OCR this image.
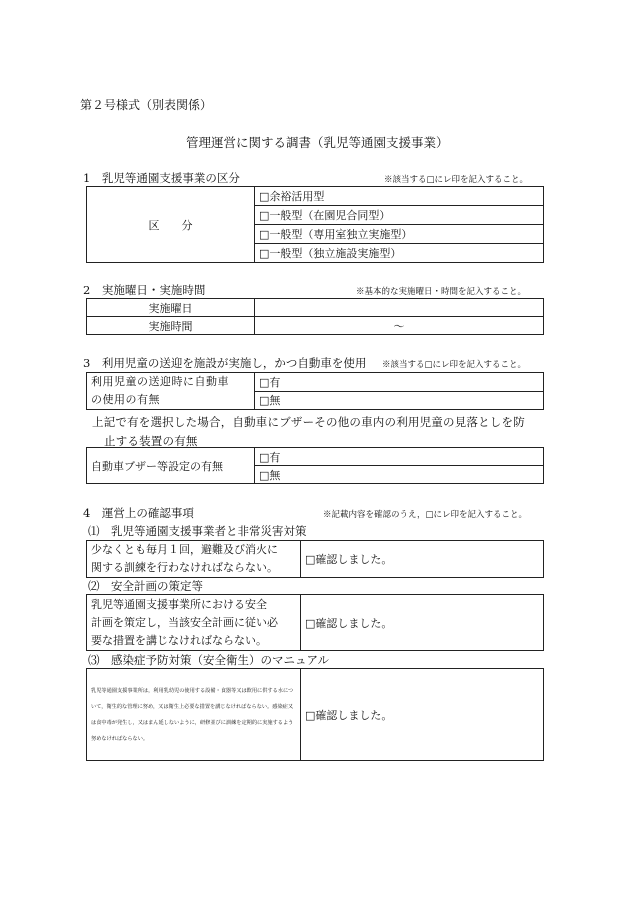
第２号様式（別表関係）
管理運営に関する調書（乳児等通園支援事業）
1　乳児等通園支援事業の区分	※該当する□にレ印を記入すること。
区　　分	□余裕活用型
□一般型（在園児合同型）
□一般型（専用室独立実施型）
□一般型（独立施設実施型）
2　実施曜日・実施時間	※基本的な実施曜日・時間を記入すること。
実施曜日	
実施時間	～
3　利用児童の送迎を施設が実施し，かつ自動車を使用 ※該当する□にレ印を記入すること。
利用児童の送迎時に自動車
の使用の有無	□有
□無
上記で有を選択した場合，自動車にブザーその他の車内の利用児童の見落としを防
止する装置の有無
自動車ブザー等設定の有無	□有
□無
4　運営上の確認事項	※記載内容を確認のうえ，□にレ印を記入すること。
⑴　乳児等通園支援事業者と非常災害対策
少なくとも毎月１回，避難及び消火に
関する訓練を行わなければならない。	□確認しました。
⑵　安全計画の策定等
乳児等通園支援事業所における安全
計画を策定し，当該安全計画に従い必
要な措置を講じなければならない。	□確認しました。
⑶　感染症予防対策（安全衛生）のマニュアル
乳児等通園支援事業所は，利用乳幼児の使用する設備・食器等又は飲用に供する水について，衛生的な管理に努め，又は衛生上必要な措置を講じなければならない。感染症又は食中毒が発生し，又はまん延しないように，研修並びに訓練を定期的に実施するよう努めなければならない。
	□確認しました。
